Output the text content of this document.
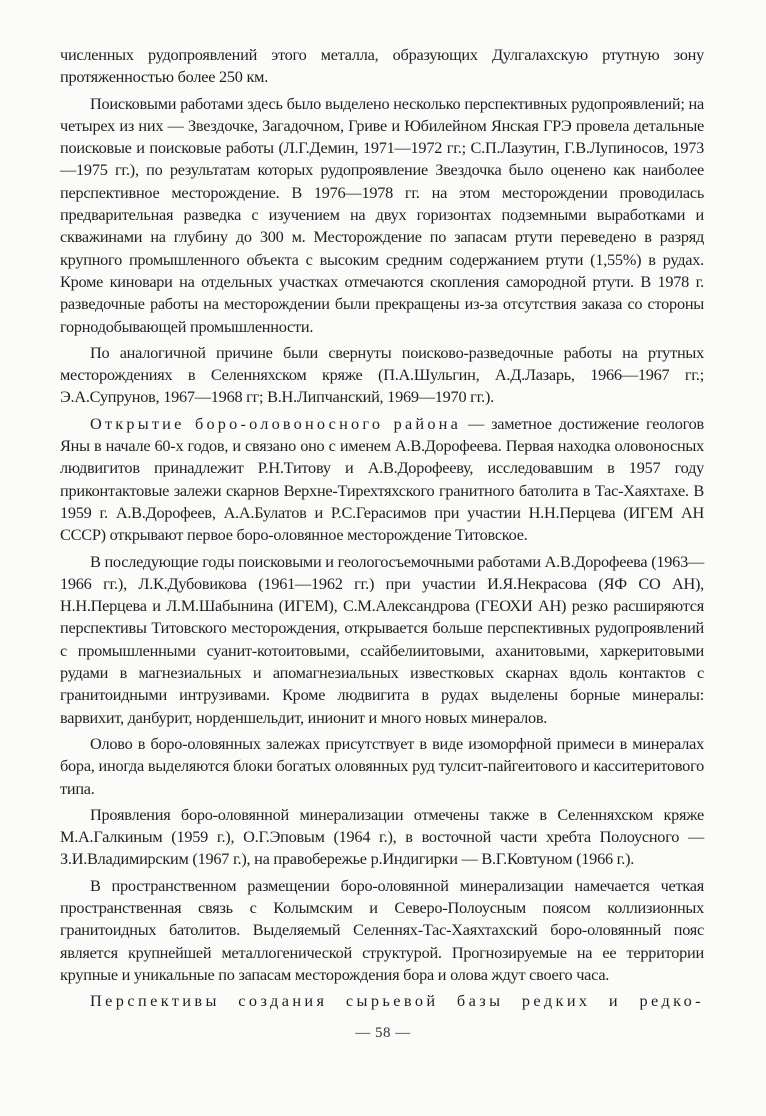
численных рудопроявлений этого металла, образующих Дулгалахскую ртутную зону протяженностью более 250 км.

Поисковыми работами здесь было выделено несколько перспективных рудопроявлений; на четырех из них — Звездочке, Загадочном, Гриве и Юбилейном Янская ГРЭ провела детальные поисковые и поисковые работы (Л.Г.Демин, 1971—1972 гг.; С.П.Лазутин, Г.В.Лупиносов, 1973—1975 гг.), по результатам которых рудопроявление Звездочка было оценено как наиболее перспективное месторождение. В 1976—1978 гг. на этом месторождении проводилась предварительная разведка с изучением на двух горизонтах подземными выработками и скважинами на глубину до 300 м. Месторождение по запасам ртути переведено в разряд крупного промышленного объекта с высоким средним содержанием ртути (1,55%) в рудах. Кроме киновари на отдельных участках отмечаются скопления самородной ртути. В 1978 г. разведочные работы на месторождении были прекращены из-за отсутствия заказа со стороны горнодобывающей промышленности.

По аналогичной причине были свернуты поисково-разведочные работы на ртутных месторождениях в Селенняхском кряже (П.А.Шульгин, А.Д.Лазарь, 1966—1967 гг.; Э.А.Супрунов, 1967—1968 гг; В.Н.Липчанский, 1969—1970 гг.).

Открытие боро-оловоносного района — заметное достижение геологов Яны в начале 60-х годов, и связано оно с именем А.В.Дорофеева. Первая находка оловоносных людвигитов принадлежит Р.Н.Титову и А.В.Дорофееву, исследовавшим в 1957 году приконтактовые залежи скарнов Верхне-Тирехтяхского гранитного батолита в Тас-Хаяхтахе. В 1959 г. А.В.Дорофеев, А.А.Булатов и Р.С.Герасимов при участии Н.Н.Перцева (ИГЕМ АН СССР) открывают первое боро-оловянное месторождение Титовское.

В последующие годы поисковыми и геологосъемочными работами А.В.Дорофеева (1963—1966 гг.), Л.К.Дубовикова (1961—1962 гг.) при участии И.Я.Некрасова (ЯФ СО АН), Н.Н.Перцева и Л.М.Шабынина (ИГЕМ), С.М.Александрова (ГЕОХИ АН) резко расширяются перспективы Титовского месторождения, открывается больше перспективных рудопроявлений с промышленными суанит-котоитовыми, ссайбелиитовыми, аханитовыми, харкеритовыми рудами в магнезиальных и апомагнезиальных известковых скарнах вдоль контактов с гранитоидными интрузивами. Кроме людвигита в рудах выделены борные минералы: варвихит, данбурит, норденшельдит, инионит и много новых минералов.

Олово в боро-оловянных залежах присутствует в виде изоморфной примеси в минералах бора, иногда выделяются блоки богатых оловянных руд тулсит-пайгеитового и касситеритового типа.

Проявления боро-оловянной минерализации отмечены также в Селенняхском кряже М.А.Галкиным (1959 г.), О.Г.Эповым (1964 г.), в восточной части хребта Полоусного — З.И.Владимирским (1967 г.), на правобережье р.Индигирки — В.Г.Ковтуном (1966 г.).

В пространственном размещении боро-оловянной минерализации намечается четкая пространственная связь с Колымским и Северо-Полоусным поясом коллизионных гранитоидных батолитов. Выделяемый Селеннях-Тас-Хаяхтахский боро-оловянный пояс является крупнейшей металлогенической структурой. Прогнозируемые на ее территории крупные и уникальные по запасам месторождения бора и олова ждут своего часа.

Перспективы создания сырьевой базы редких и редко-

— 58 —
